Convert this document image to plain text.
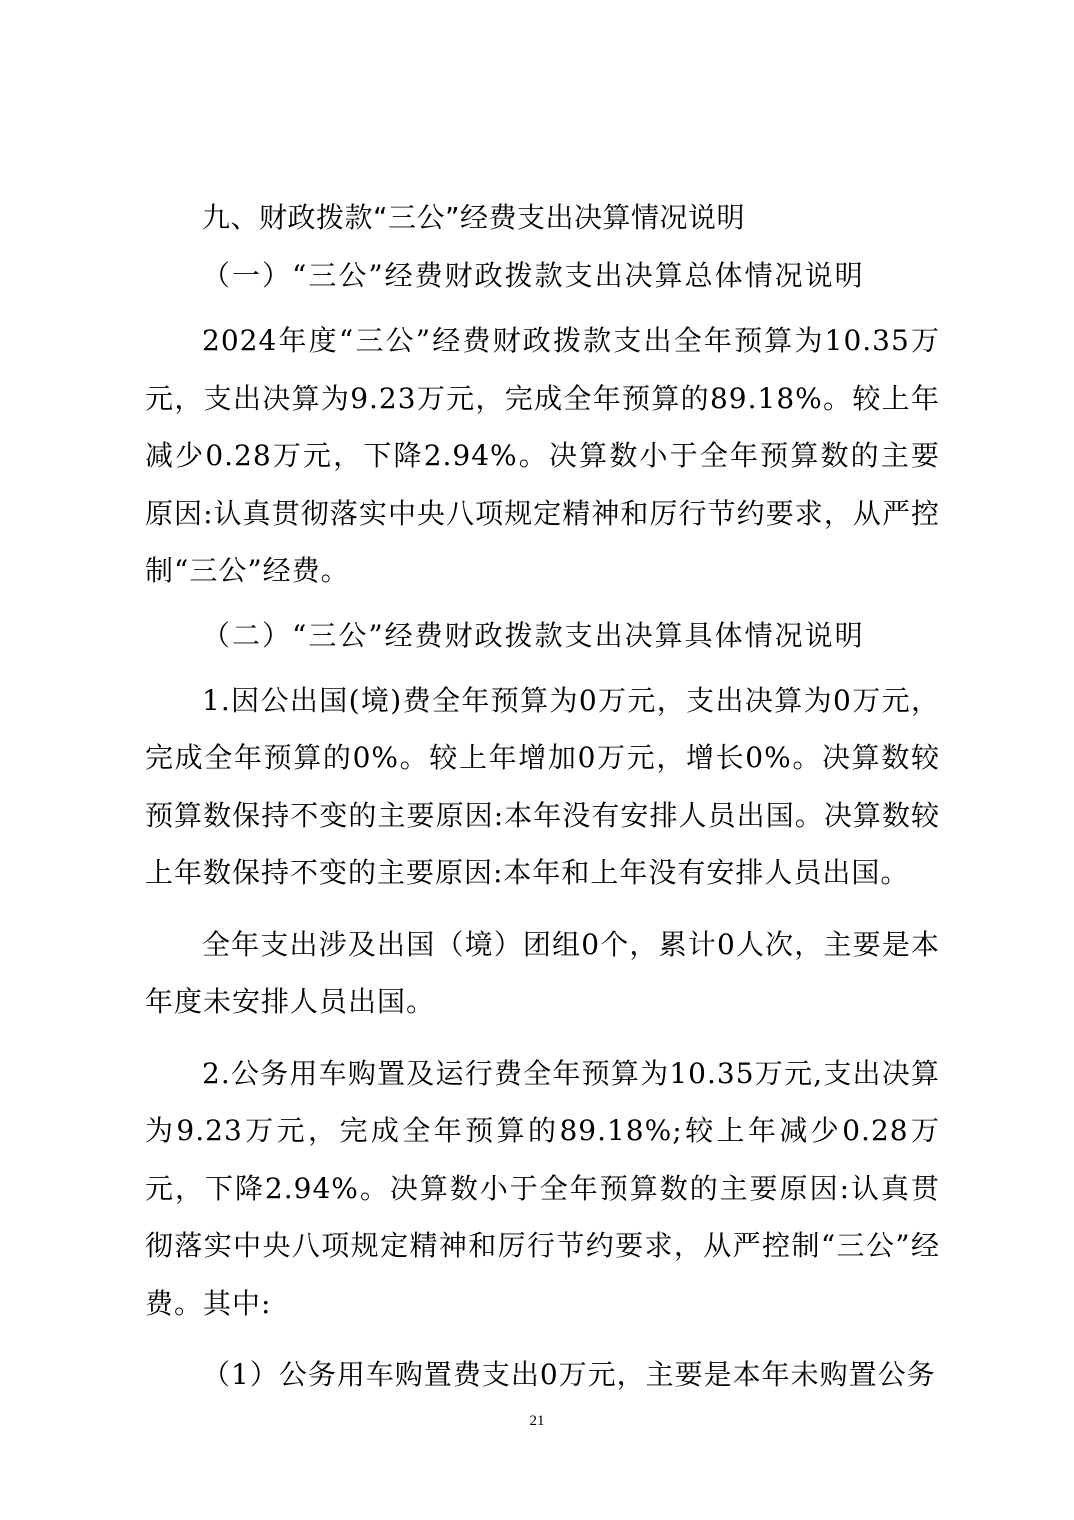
九、财政拨款“三公”经费支出决算情况说明
（一）“三公”经费财政拨款支出决算总体情况说明
2024年度“三公”经费财政拨款支出全年预算为10.35万元，支出决算为9.23万元，完成全年预算的89.18%。较上年减少0.28万元，下降2.94%。决算数小于全年预算数的主要原因:认真贯彻落实中央八项规定精神和厉行节约要求，从严控制“三公”经费。
（二）“三公”经费财政拨款支出决算具体情况说明
1.因公出国(境)费全年预算为0万元，支出决算为0万元，完成全年预算的0%。较上年增加0万元，增长0%。决算数较预算数保持不变的主要原因:本年没有安排人员出国。决算数较上年数保持不变的主要原因:本年和上年没有安排人员出国。
全年支出涉及出国（境）团组0个，累计0人次，主要是本年度未安排人员出国。
2.公务用车购置及运行费全年预算为10.35万元,支出决算为9.23万元，完成全年预算的89.18%;较上年减少0.28万元，下降2.94%。决算数小于全年预算数的主要原因:认真贯彻落实中央八项规定精神和厉行节约要求，从严控制“三公”经费。其中:
（1）公务用车购置费支出0万元，主要是本年未购置公务
21
